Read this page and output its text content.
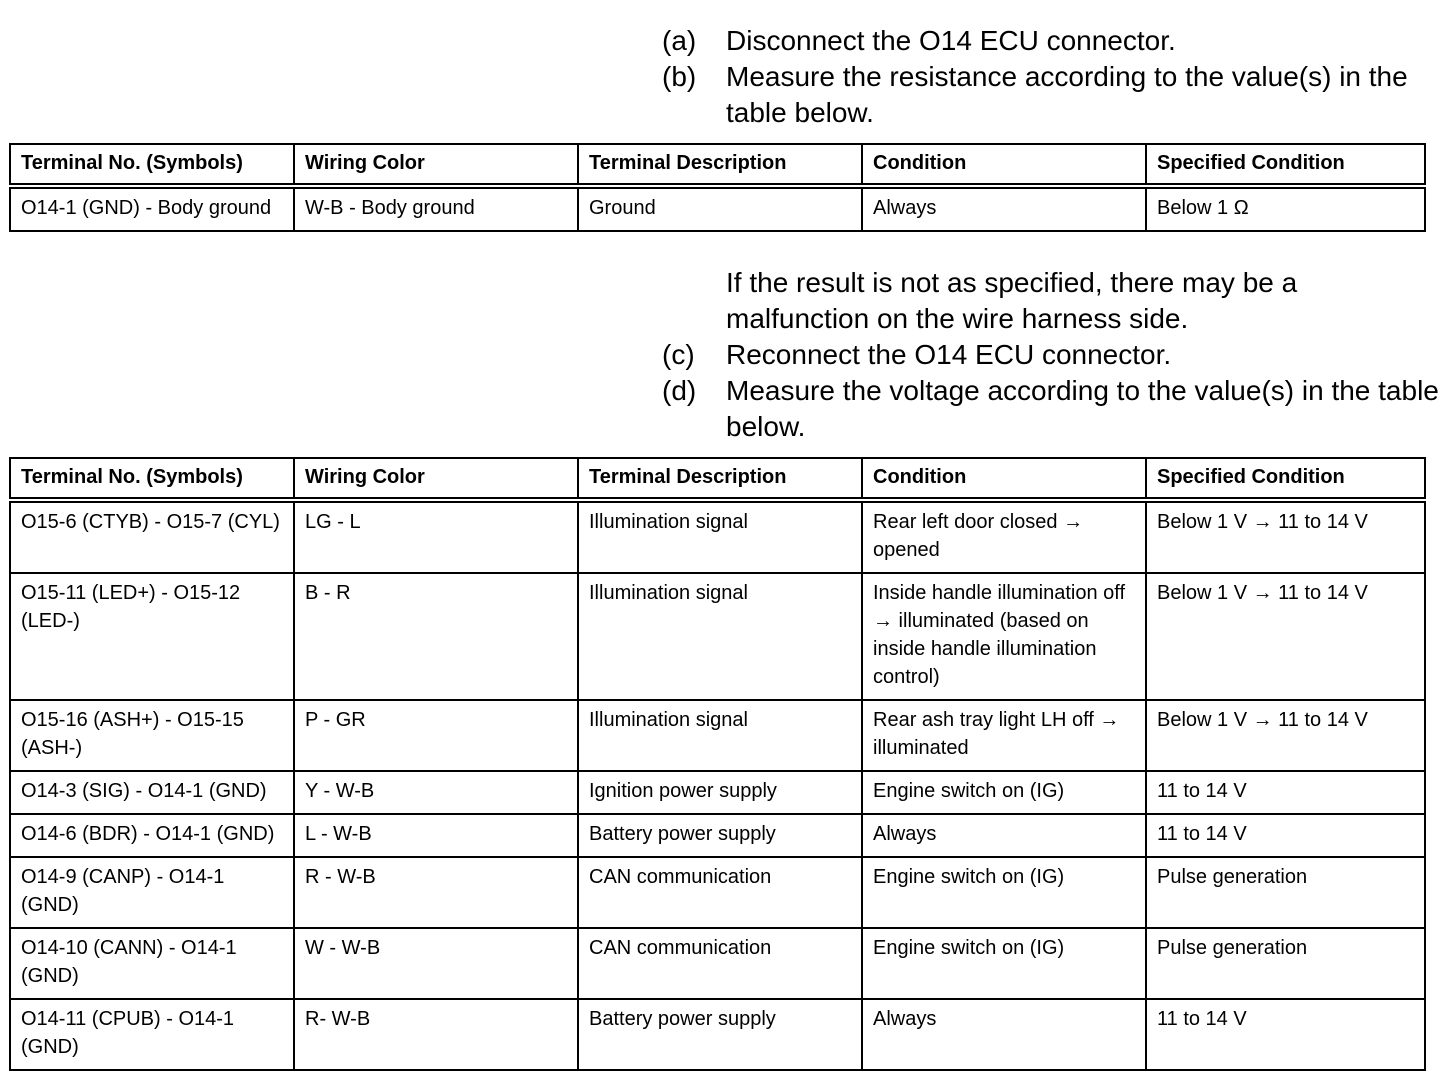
(a)	Disconnect the O14 ECU connector.
(b)	Measure the resistance according to the value(s) in the table below.
Terminal No. (Symbols)	Wiring Color	Terminal Description	Condition	Specified Condition
O14-1 (GND) - Body ground	W-B - Body ground	Ground	Always	Below 1 Ω
If the result is not as specified, there may be a malfunction on the wire harness side.
(c)	Reconnect the O14 ECU connector.
(d)	Measure the voltage according to the value(s) in the table below.
Terminal No. (Symbols)	Wiring Color	Terminal Description	Condition	Specified Condition
O15-6 (CTYB) - O15-7 (CYL)	LG - L	Illumination signal	Rear left door closed → opened	Below 1 V → 11 to 14 V
O15-11 (LED+) - O15-12 (LED-)	B - R	Illumination signal	Inside handle illumination off → illuminated (based on inside handle illumination control)	Below 1 V → 11 to 14 V
O15-16 (ASH+) - O15-15 (ASH-)	P - GR	Illumination signal	Rear ash tray light LH off → illuminated	Below 1 V → 11 to 14 V
O14-3 (SIG) - O14-1 (GND)	Y - W-B	Ignition power supply	Engine switch on (IG)	11 to 14 V
O14-6 (BDR) - O14-1 (GND)	L - W-B	Battery power supply	Always	11 to 14 V
O14-9 (CANP) - O14-1 (GND)	R - W-B	CAN communication	Engine switch on (IG)	Pulse generation
O14-10 (CANN) - O14-1 (GND)	W - W-B	CAN communication	Engine switch on (IG)	Pulse generation
O14-11 (CPUB) - O14-1 (GND)	R- W-B	Battery power supply	Always	11 to 14 V
